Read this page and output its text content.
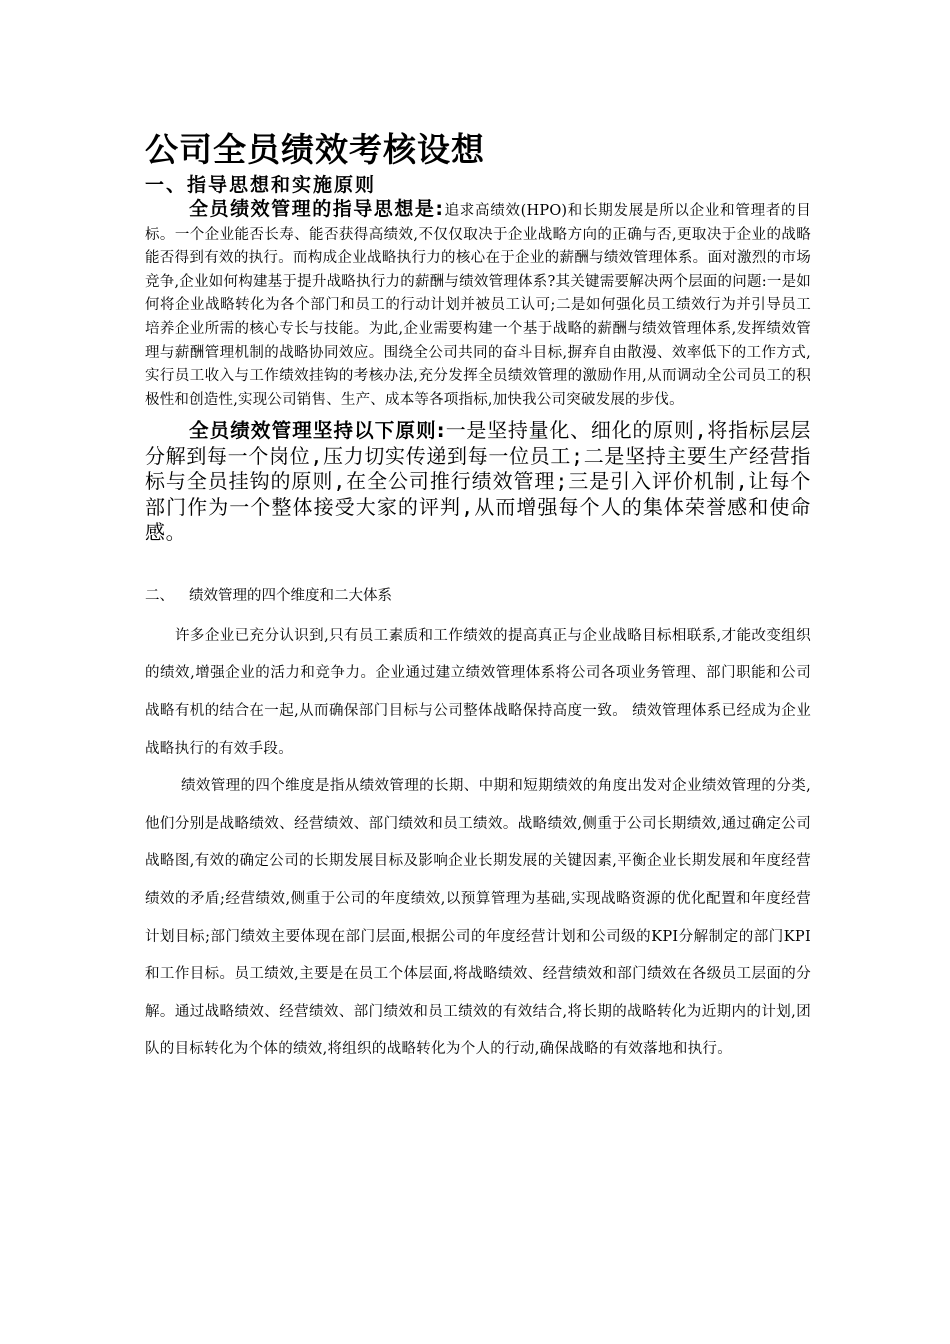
公司全员绩效考核设想
一、指导思想和实施原则

全员绩效管理的指导思想是:追求高绩效(HPO)和长期发展是所以企业和管理者的目标。一个企业能否长寿、能否获得高绩效,不仅仅取决于企业战略方向的正确与否,更取决于企业的战略能否得到有效的执行。而构成企业战略执行力的核心在于企业的薪酬与绩效管理体系。面对激烈的市场竞争,企业如何构建基于提升战略执行力的薪酬与绩效管理体系?其关键需要解决两个层面的问题:一是如何将企业战略转化为各个部门和员工的行动计划并被员工认可;二是如何强化员工绩效行为并引导员工培养企业所需的核心专长与技能。为此,企业需要构建一个基于战略的薪酬与绩效管理体系,发挥绩效管理与薪酬管理机制的战略协同效应。围绕全公司共同的奋斗目标,摒弃自由散漫、效率低下的工作方式,实行员工收入与工作绩效挂钩的考核办法,充分发挥全员绩效管理的激励作用,从而调动全公司员工的积极性和创造性,实现公司销售、生产、成本等各项指标,加快我公司突破发展的步伐。

全员绩效管理坚持以下原则:一是坚持量化、细化的原则,将指标层层分解到每一个岗位,压力切实传递到每一位员工;二是坚持主要生产经营指标与全员挂钩的原则,在全公司推行绩效管理;三是引入评价机制,让每个部门作为一个整体接受大家的评判,从而增强每个人的集体荣誉感和使命感。

二、	绩效管理的四个维度和二大体系

许多企业已充分认识到,只有员工素质和工作绩效的提高真正与企业战略目标相联系,才能改变组织的绩效,增强企业的活力和竞争力。企业通过建立绩效管理体系将公司各项业务管理、部门职能和公司战略有机的结合在一起,从而确保部门目标与公司整体战略保持高度一致。 绩效管理体系已经成为企业战略执行的有效手段。

绩效管理的四个维度是指从绩效管理的长期、中期和短期绩效的角度出发对企业绩效管理的分类,他们分别是战略绩效、经营绩效、部门绩效和员工绩效。战略绩效,侧重于公司长期绩效,通过确定公司战略图,有效的确定公司的长期发展目标及影响企业长期发展的关键因素,平衡企业长期发展和年度经营绩效的矛盾;经营绩效,侧重于公司的年度绩效,以预算管理为基础,实现战略资源的优化配置和年度经营计划目标;部门绩效主要体现在部门层面,根据公司的年度经营计划和公司级的KPI分解制定的部门KPI和工作目标。员工绩效,主要是在员工个体层面,将战略绩效、经营绩效和部门绩效在各级员工层面的分解。通过战略绩效、经营绩效、部门绩效和员工绩效的有效结合,将长期的战略转化为近期内的计划,团队的目标转化为个体的绩效,将组织的战略转化为个人的行动,确保战略的有效落地和执行。
